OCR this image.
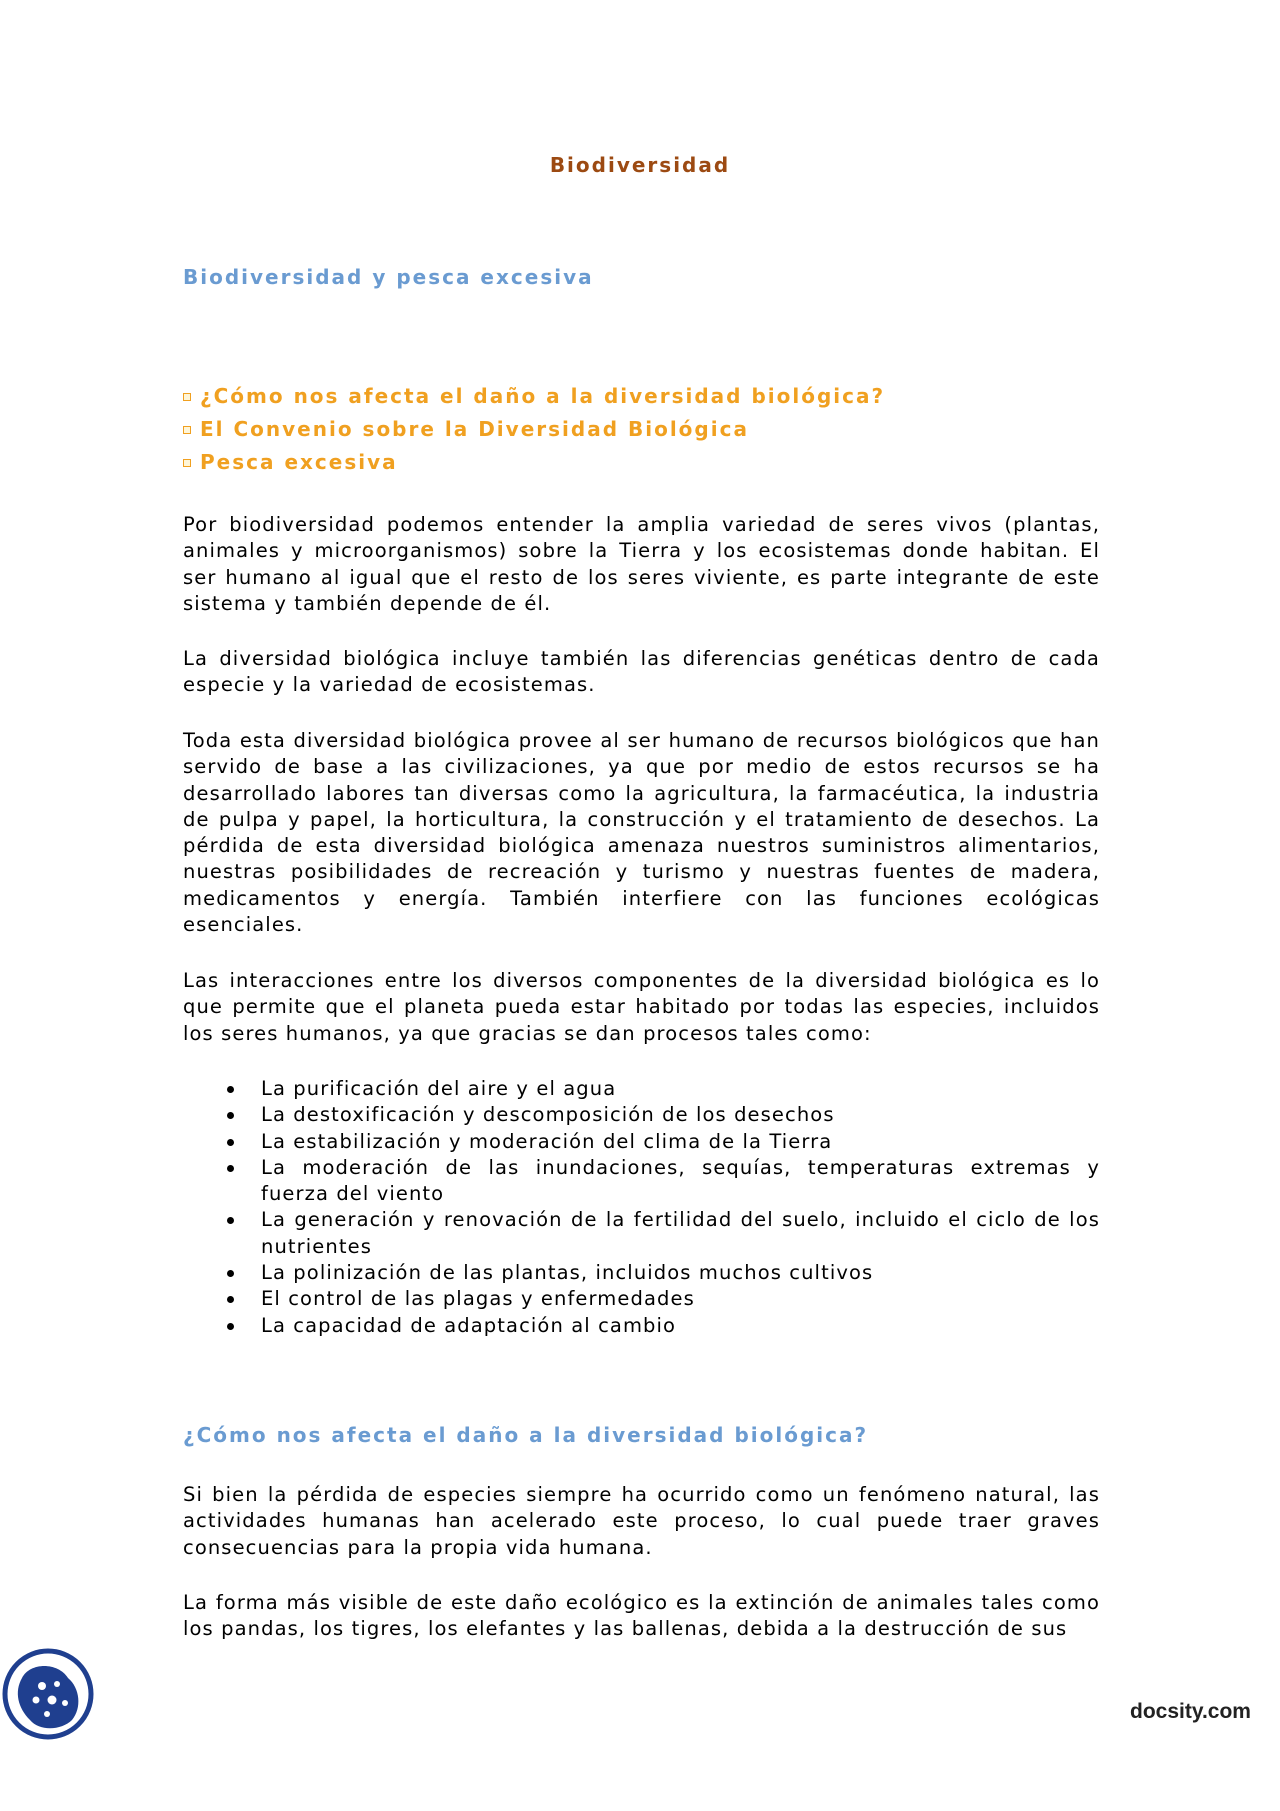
Biodiversidad
Biodiversidad y pesca excesiva
¿Cómo nos afecta el daño a la diversidad biológica?
El Convenio sobre la Diversidad Biológica
Pesca excesiva

Por biodiversidad podemos entender la amplia variedad de seres vivos (plantas, animales y microorganismos) sobre la Tierra y los ecosistemas donde habitan. El ser humano al igual que el resto de los seres viviente, es parte integrante de este sistema y también depende de él.

La diversidad biológica incluye también las diferencias genéticas dentro de cada especie y la variedad de ecosistemas.

Toda esta diversidad biológica provee al ser humano de recursos biológicos que han servido de base a las civilizaciones, ya que por medio de estos recursos se ha desarrollado labores tan diversas como la agricultura, la farmacéutica, la industria de pulpa y papel, la horticultura, la construcción y el tratamiento de desechos. La pérdida de esta diversidad biológica amenaza nuestros suministros alimentarios, nuestras posibilidades de recreación y turismo y nuestras fuentes de madera, medicamentos y energía. También interfiere con las funciones ecológicas esenciales.

Las interacciones entre los diversos componentes de la diversidad biológica es lo que permite que el planeta pueda estar habitado por todas las especies, incluidos los seres humanos, ya que gracias se dan procesos tales como:

La purificación del aire y el agua
La destoxificación y descomposición de los desechos
La estabilización y moderación del clima de la Tierra
La moderación de las inundaciones, sequías, temperaturas extremas y fuerza del viento
La generación y renovación de la fertilidad del suelo, incluido el ciclo de los nutrientes
La polinización de las plantas, incluidos muchos cultivos
El control de las plagas y enfermedades
La capacidad de adaptación al cambio
¿Cómo nos afecta el daño a la diversidad biológica?

Si bien la pérdida de especies siempre ha ocurrido como un fenómeno natural, las actividades humanas han acelerado este proceso, lo cual puede traer graves consecuencias para la propia vida humana.

La forma más visible de este daño ecológico es la extinción de animales tales como los pandas, los tigres, los elefantes y las ballenas, debida a la destrucción de sus

docsity.com
